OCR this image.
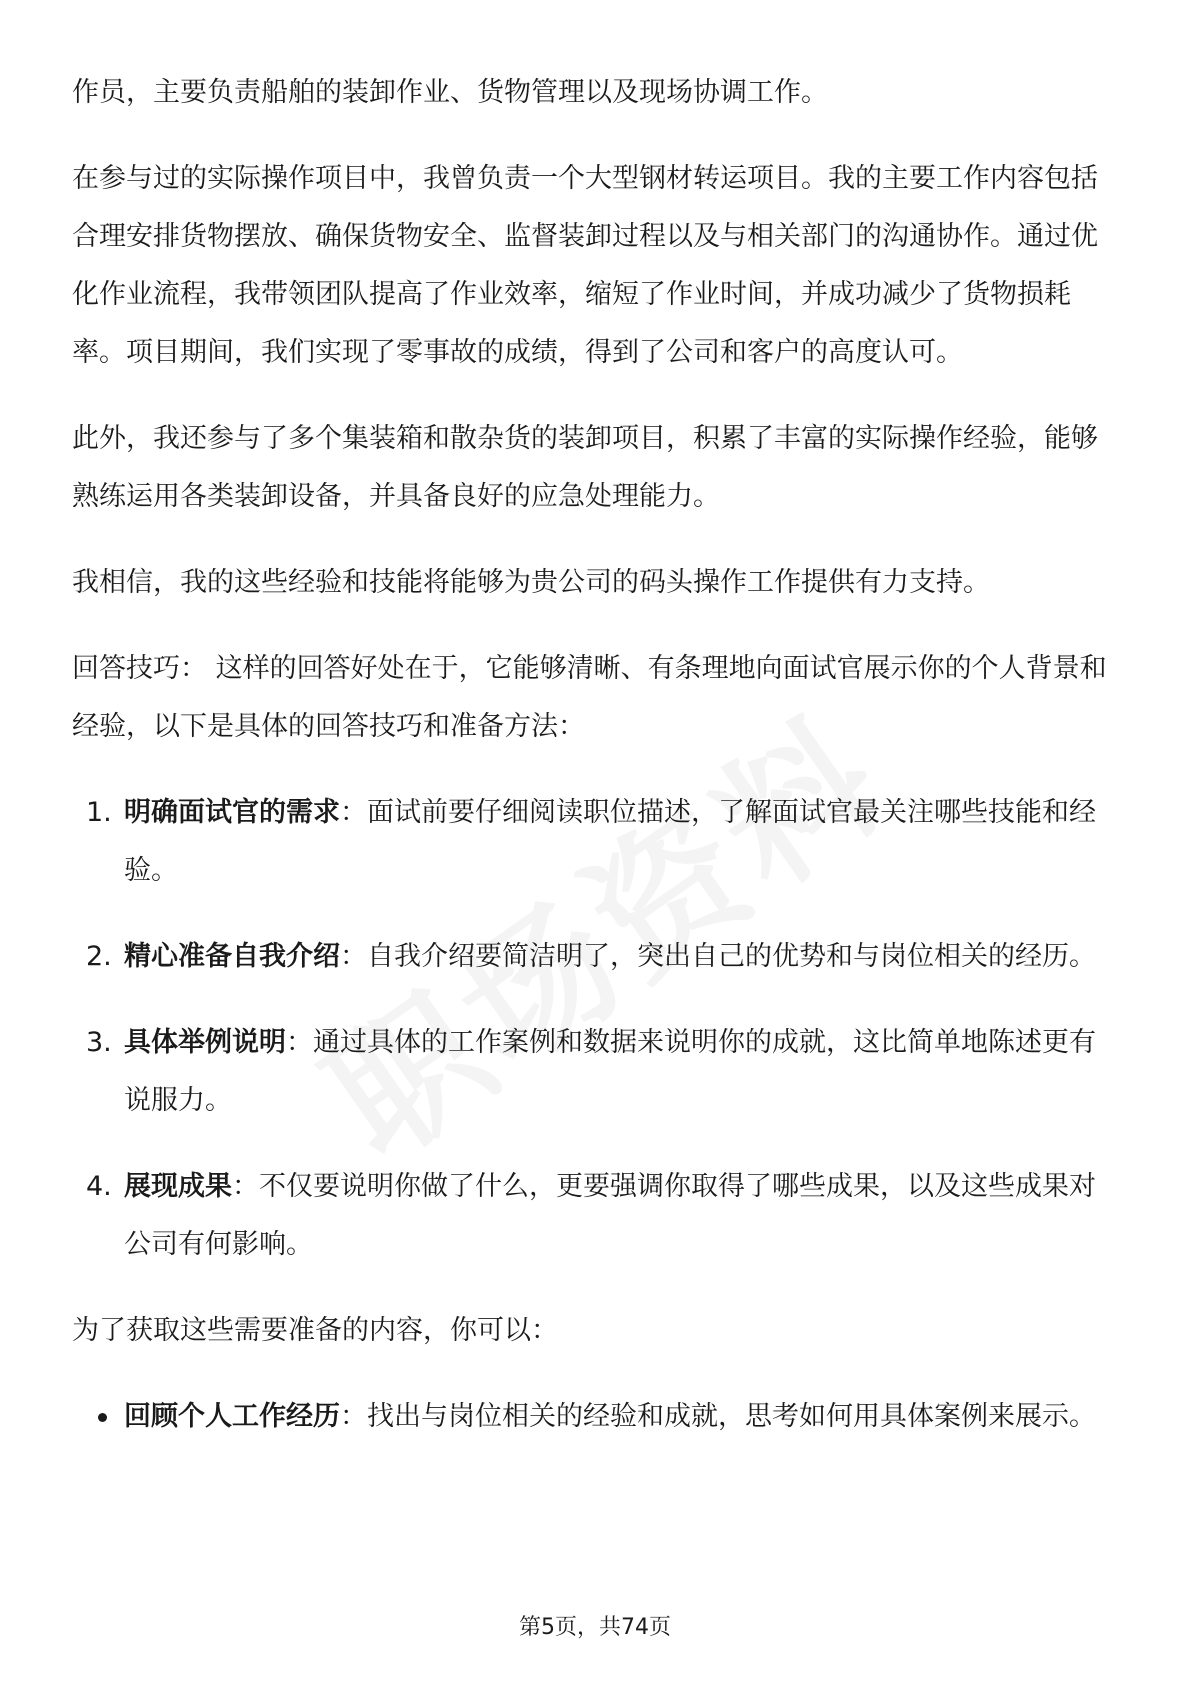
作员，主要负责船舶的装卸作业、货物管理以及现场协调工作。

在参与过的实际操作项目中，我曾负责一个大型钢材转运项目。我的主要工作内容包括合理安排货物摆放、确保货物安全、监督装卸过程以及与相关部门的沟通协作。通过优化作业流程，我带领团队提高了作业效率，缩短了作业时间，并成功减少了货物损耗率。项目期间，我们实现了零事故的成绩，得到了公司和客户的高度认可。

此外，我还参与了多个集装箱和散杂货的装卸项目，积累了丰富的实际操作经验，能够熟练运用各类装卸设备，并具备良好的应急处理能力。

我相信，我的这些经验和技能将能够为贵公司的码头操作工作提供有力支持。

回答技巧： 这样的回答好处在于，它能够清晰、有条理地向面试官展示你的个人背景和经验，以下是具体的回答技巧和准备方法：

1. 明确面试官的需求：面试前要仔细阅读职位描述，了解面试官最关注哪些技能和经验。
2. 精心准备自我介绍：自我介绍要简洁明了，突出自己的优势和与岗位相关的经历。
3. 具体举例说明：通过具体的工作案例和数据来说明你的成就，这比简单地陈述更有说服力。
4. 展现成果：不仅要说明你做了什么，更要强调你取得了哪些成果，以及这些成果对公司有何影响。

为了获取这些需要准备的内容，你可以：

回顾个人工作经历：找出与岗位相关的经验和成就，思考如何用具体案例来展示。
第5页，共74页
